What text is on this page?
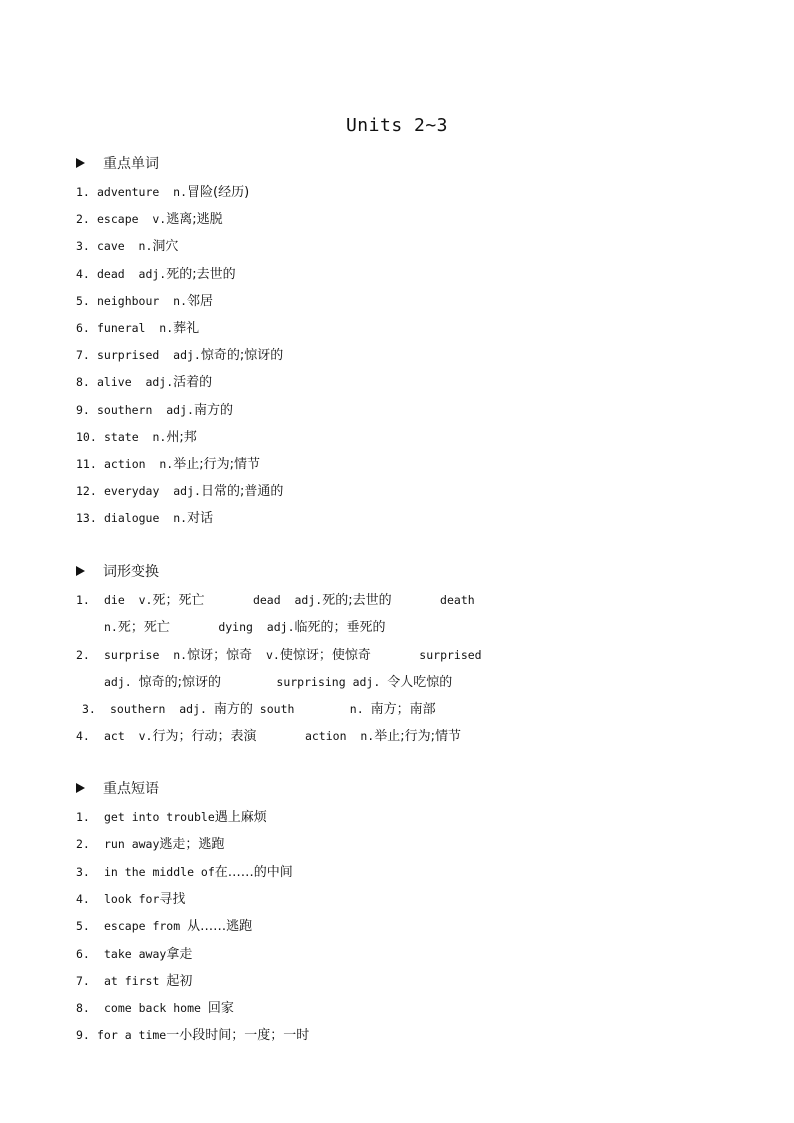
Units 2~3
重点单词
1. adventure  n.冒险(经历)
2. escape  v.逃离;逃脱
3. cave  n.洞穴
4. dead  adj.死的;去世的
5. neighbour  n.邻居
6. funeral  n.葬礼
7. surprised  adj.惊奇的;惊讶的
8. alive  adj.活着的
9. southern  adj.南方的
10. state  n.州;邦
11. action  n.举止;行为;情节
12. everyday  adj.日常的;普通的
13. dialogue  n.对话
词形变换
1. die  v.死；死亡       dead  adj.死的;去世的       death
n.死；死亡       dying  adj.临死的；垂死的
2. surprise  n.惊讶；惊奇  v.使惊讶；使惊奇       surprised
adj. 惊奇的;惊讶的        surprising adj. 令人吃惊的
3. southern  adj. 南方的 south        n. 南方；南部
4. act  v.行为；行动；表演       action  n.举止;行为;情节
重点短语
1. get into trouble遇上麻烦
2. run away逃走；逃跑
3. in the middle of在……的中间
4. look for寻找
5. escape from 从……逃跑
6. take away拿走
7. at first 起初
8. come back home 回家
9. for a time一小段时间；一度；一时
